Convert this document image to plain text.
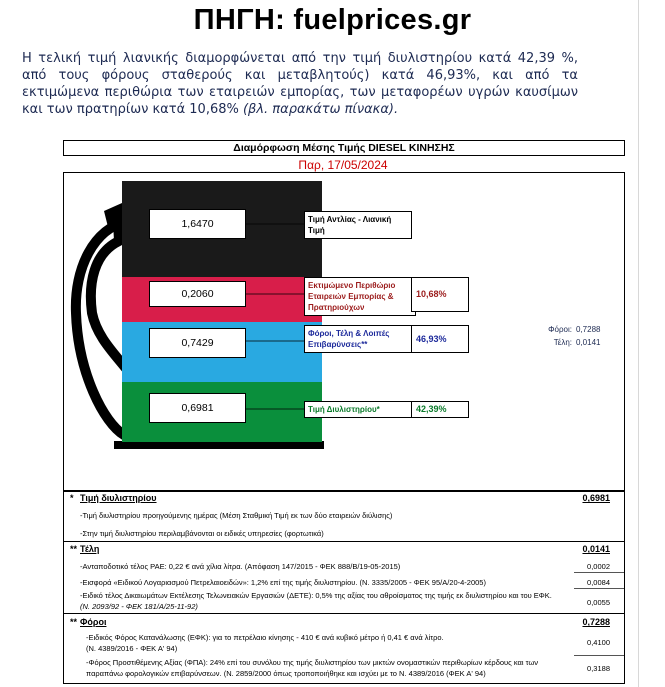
ΠΗΓΗ: fuelprices.gr
Η τελική τιμή λιανικής διαμορφώνεται από την τιμή διυλιστηρίου κατά 42,39 %, από τους φόρους σταθερούς και μεταβλητούς) κατά 46,93%, και από τα εκτιμώμενα περιθώρια των εταιρειών εμπορίας, των μεταφορέων υγρών καυσίμων και των πρατηρίων κατά 10,68% (βλ. παρακάτω πίνακα).
Διαμόρφωση Μέσης Τιμής DIESEL ΚΙΝΗΣΗΣ
Παρ, 17/05/2024
1,6470
0,2060
0,7429
0,6981
Τιμή Αντλίας - Λιανική Τιμή
Εκτιμώμενο Περιθώριο Εταιρειών Εμπορίας & Πρατηριούχων
10,68%
Φόροι, Τέλη & Λοιπές Επιβαρύνσεις**
46,93%
Τιμή Διυλιστηρίου*	42,39%
Φόροι: 0,7288
Τέλη: 0,0141
* Τιμή διυλιστηρίου	0,6981
-Τιμή διυλιστηρίου προηγούμενης ημέρας (Μέση Σταθμική Τιμή εκ των δύο εταιρειών διύλισης)
-Στην τιμή διυλιστηρίου περιλαμβάνονται οι ειδικές υπηρεσίες (φορτωτικά)
** Τέλη	0,0141
-Ανταποδοτικό τέλος ΡΑΕ: 0,22 € ανά χίλια λίτρα. (Απόφαση 147/2015 - ΦΕΚ 888/Β/19-05-2015)	0,0002
-Εισφορά «Ειδικού Λογαριασμού Πετρελαιοειδών»: 1,2% επί της τιμής διυλιστηρίου. (Ν. 3335/2005 - ΦΕΚ 95/Α/20-4-2005)	0,0084
-Ειδικό τέλος Δικαιωμάτων Εκτέλεσης Τελωνειακών Εργασιών (ΔΕΤΕ): 0,5% της αξίας του αθροίσματος της τιμής εκ διυλιστηρίου και του ΕΦΚ.
(Ν. 2093/92 - ΦΕΚ 181/Α/25-11-92)	0,0055
** Φόροι	0,7288
-Ειδικός Φόρος Κατανάλωσης (ΕΦΚ): για το πετρέλαιο κίνησης - 410 € ανά κυβικό μέτρο ή 0,41 € ανά λίτρο.
(Ν. 4389/2016 - ΦΕΚ Α' 94)
0,4100
-Φόρος Προστιθέμενης Αξίας (ΦΠΑ): 24% επί του συνόλου της τιμής διυλιστηρίου των μικτών ονομαστικών περιθωρίων κέρδους και των
παραπάνω φορολογικών επιβαρύνσεων. (Ν. 2859/2000 όπως τροποποιήθηκε και ισχύει με το Ν. 4389/2016 (ΦΕΚ Α' 94)
0,3188
